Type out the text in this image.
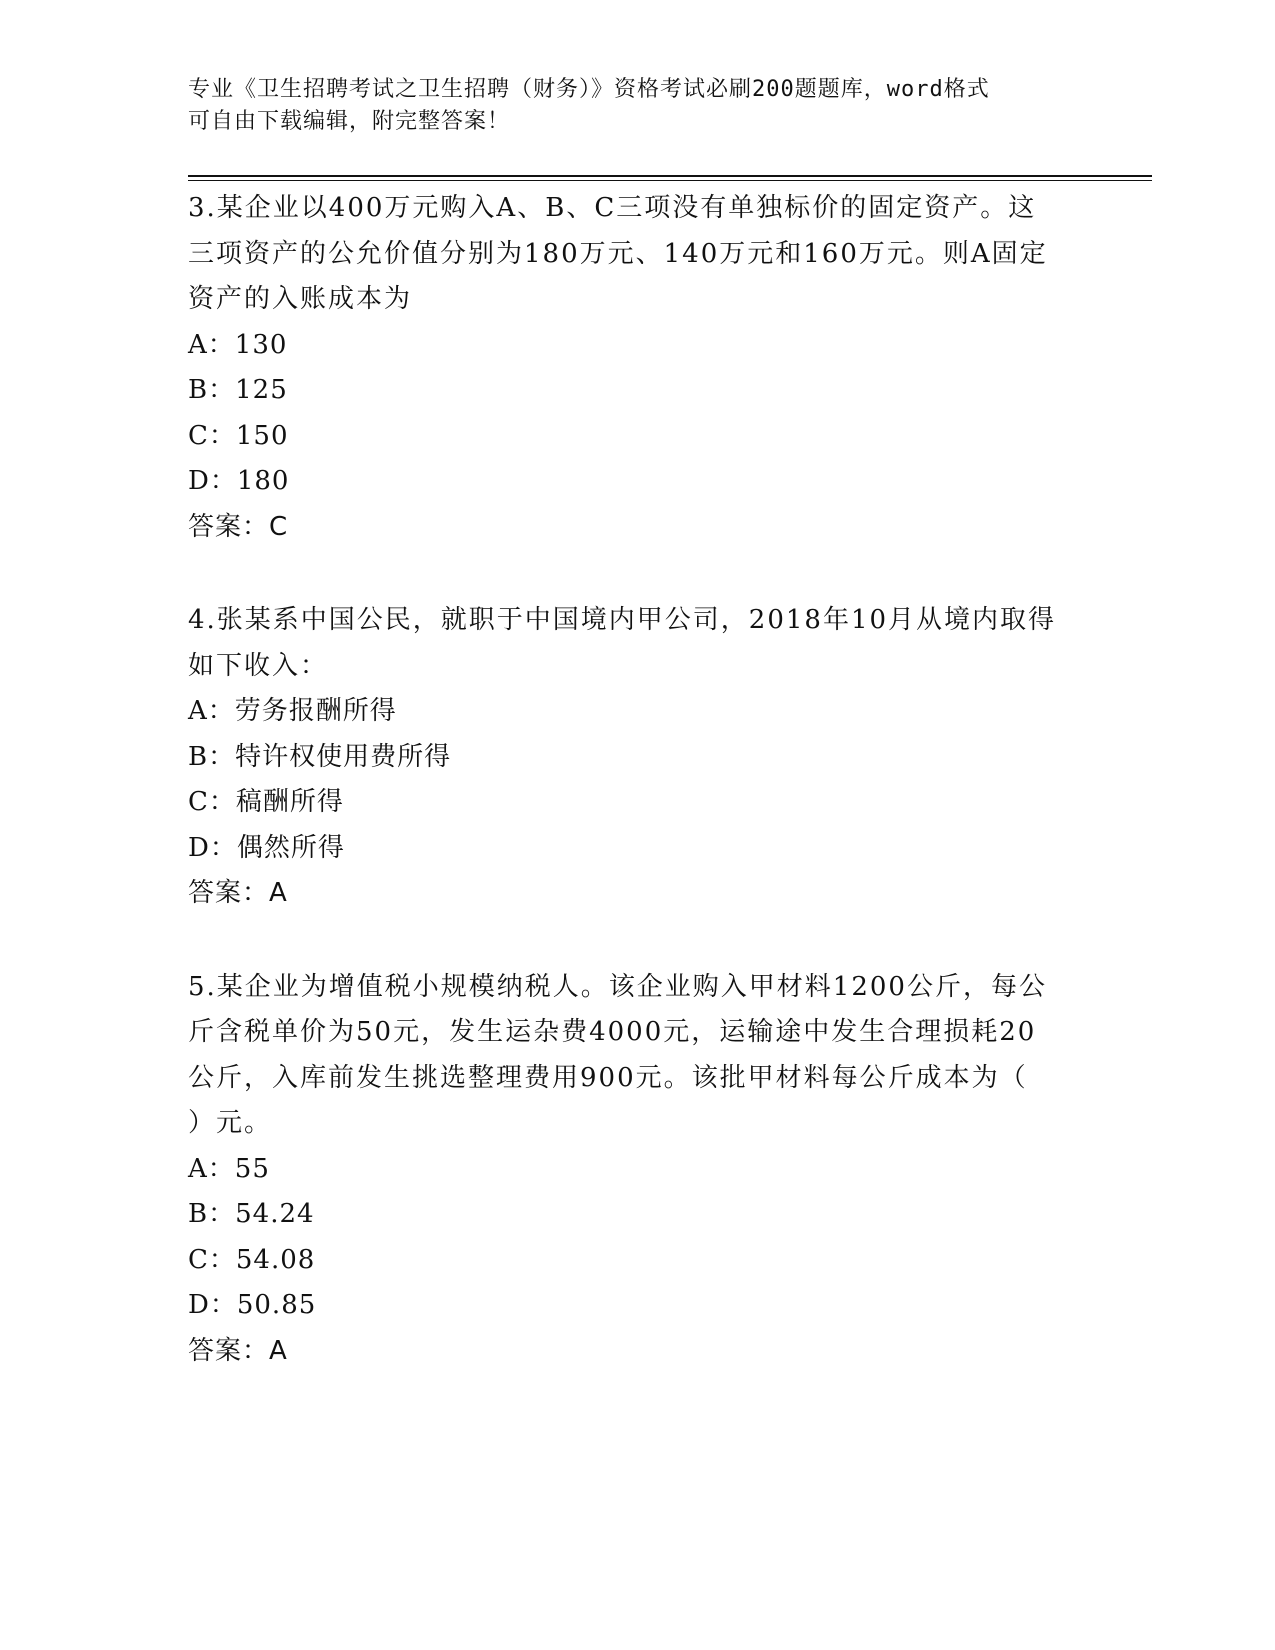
专业《卫生招聘考试之卫生招聘（财务）》资格考试必刷200题题库，word格式
可自由下载编辑，附完整答案！
3.某企业以400万元购入A、B、C三项没有单独标价的固定资产。这
三项资产的公允价值分别为180万元、140万元和160万元。则A固定
资产的入账成本为
A：130
B：125
C：150
D：180
答案：C
4.张某系中国公民，就职于中国境内甲公司，2018年10月从境内取得
如下收入：
A：劳务报酬所得
B：特许权使用费所得
C：稿酬所得
D：偶然所得
答案：A
5.某企业为增值税小规模纳税人。该企业购入甲材料1200公斤，每公
斤含税单价为50元，发生运杂费4000元，运输途中发生合理损耗20
公斤，入库前发生挑选整理费用900元。该批甲材料每公斤成本为（
）元。
A：55
B：54.24
C：54.08
D：50.85
答案：A
